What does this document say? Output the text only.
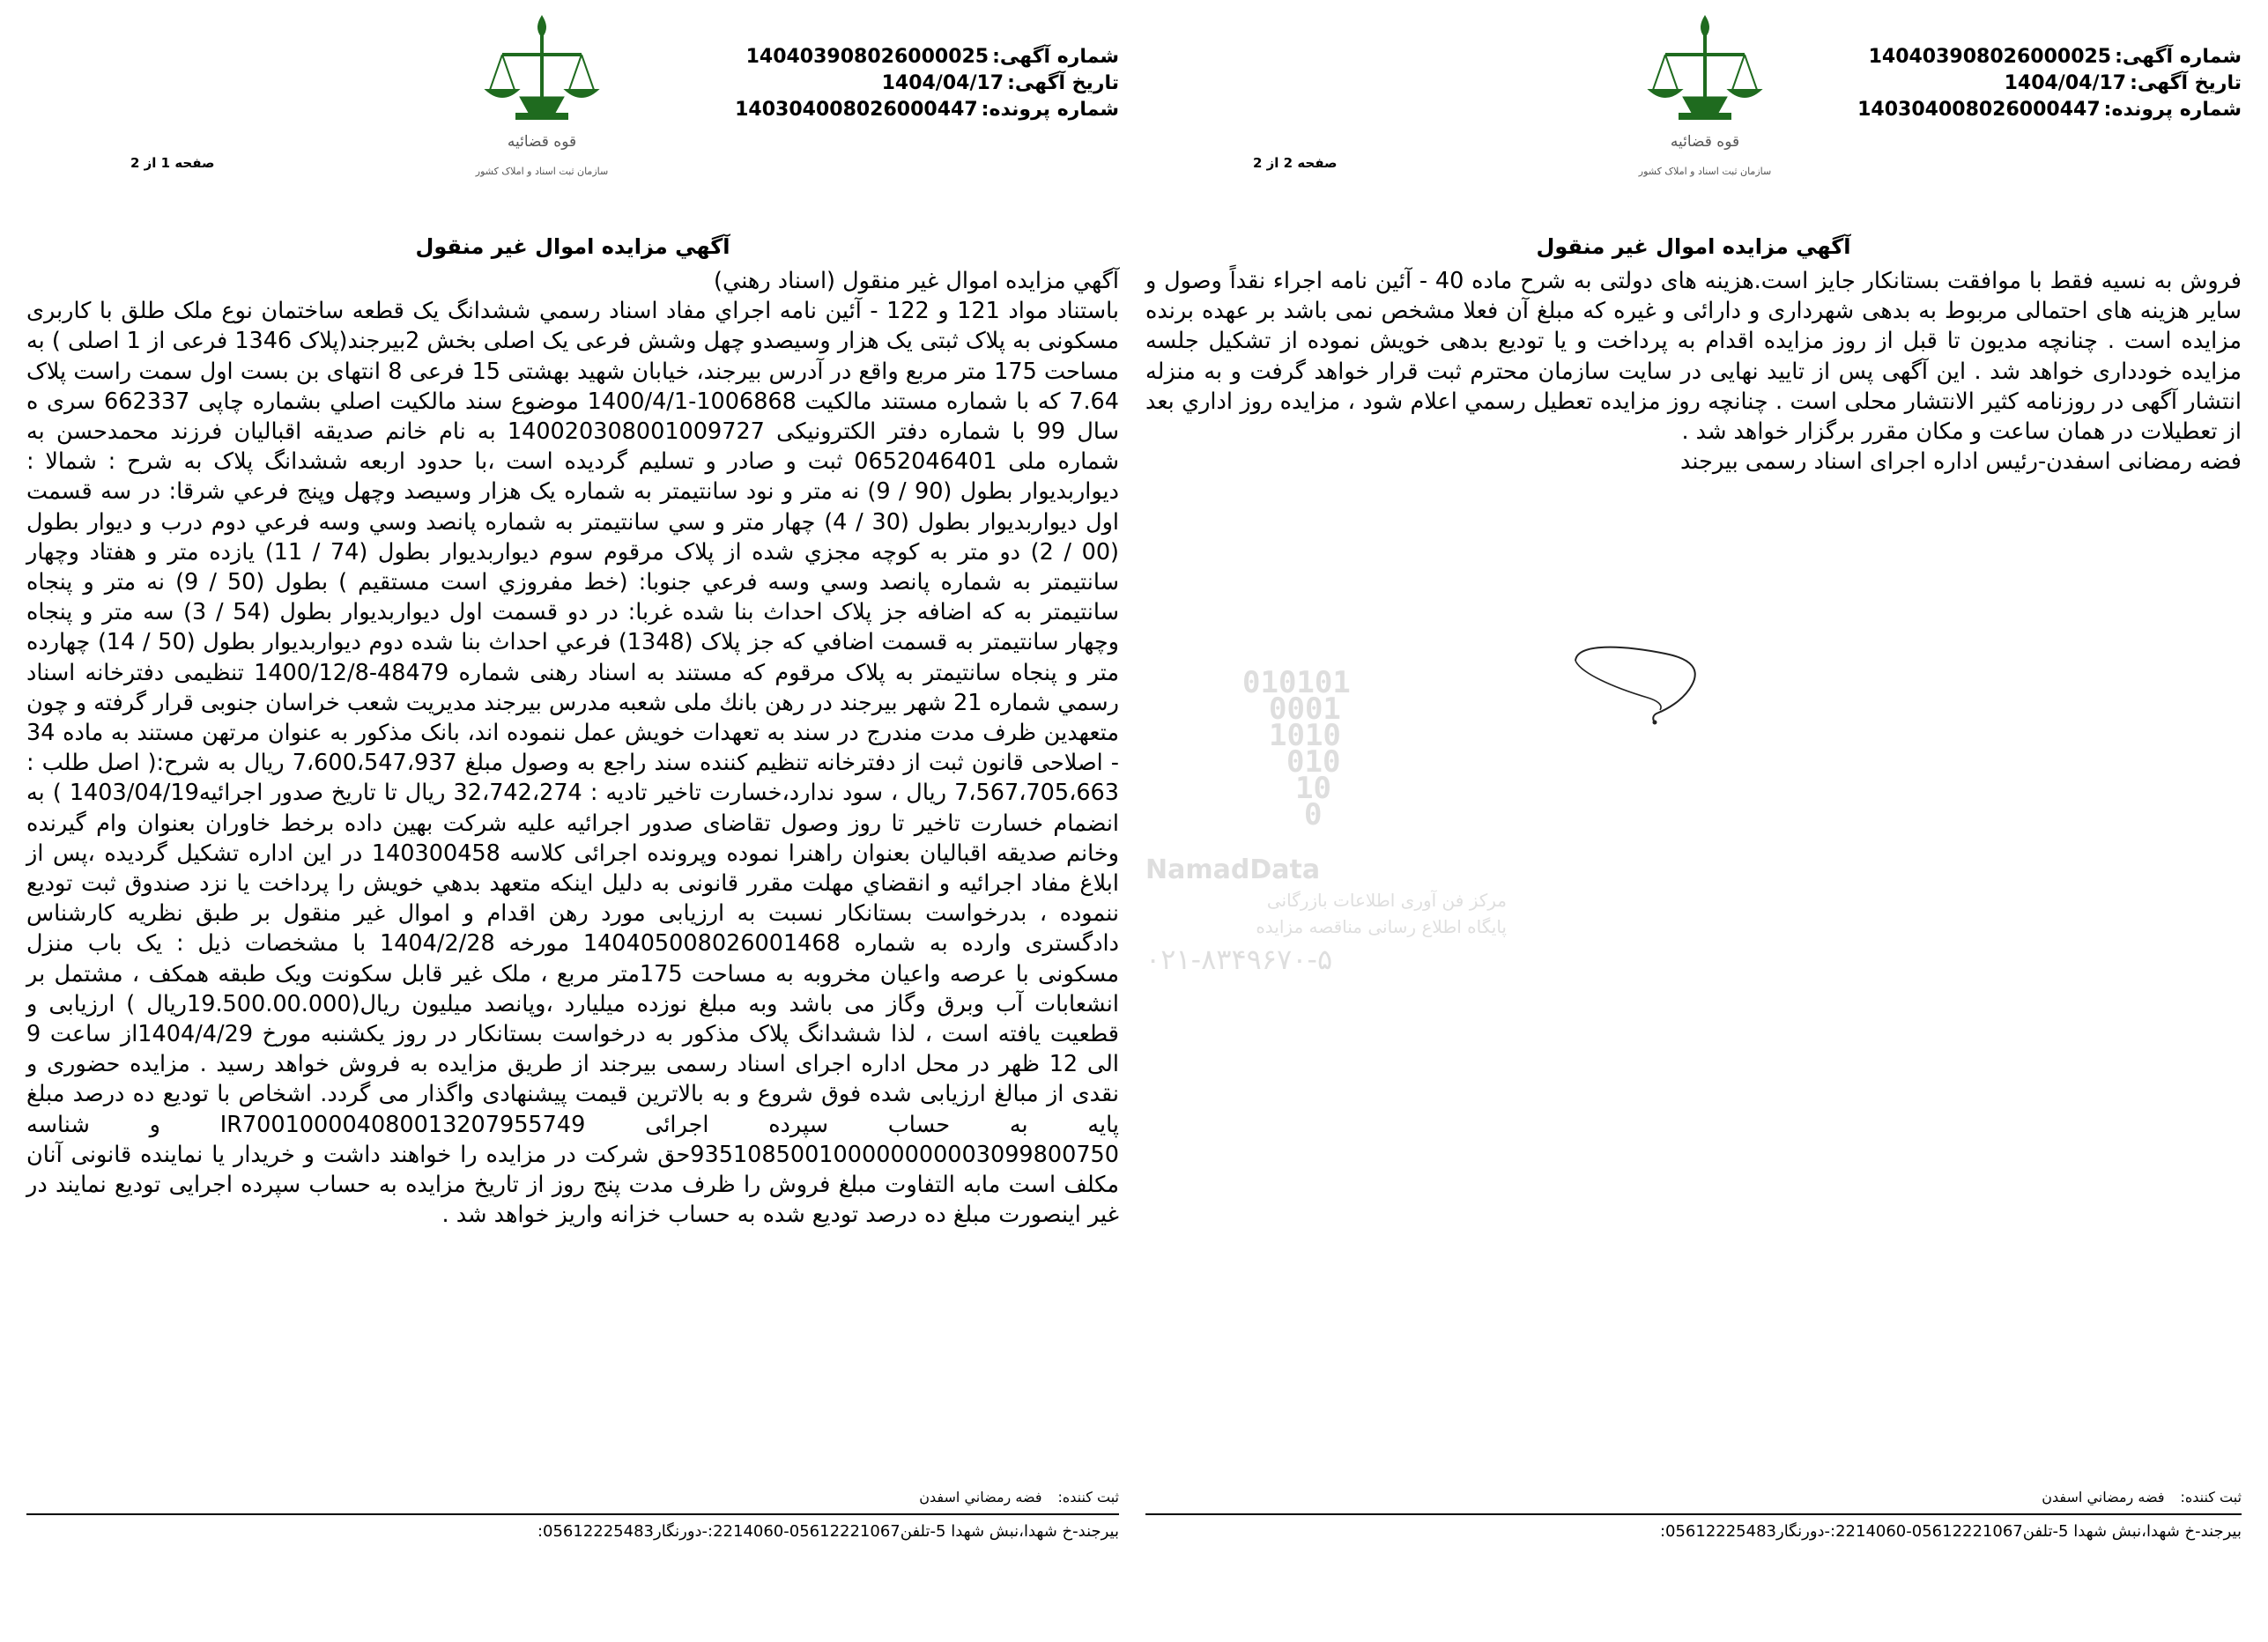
شماره آگهی:140403908026000025
تاریخ آگهی:1404/04/17
شماره پرونده:140304008026000447
قوه قضائیه
سازمان ثبت اسناد و املاک کشور
صفحه 1 از 2
آگهي مزايده اموال غير منقول

آگهي مزايده اموال غير منقول (اسناد رهني)

باستناد مواد 121 و 122 - آئين نامه اجراي مفاد اسناد رسمي ششدانگ يک قطعه ساختمان نوع ملک طلق با کاربری مسکونی به پلاک ثبتی یک هزار وسیصدو چهل وشش فرعی یک اصلی بخش 2بیرجند(پلاک 1346 فرعی از 1 اصلی ) به مساحت 175 متر مربع واقع در آدرس بیرجند، خیابان شهید بهشتی 15 فرعی 8 انتهای بن بست اول سمت راست پلاک 7.64 که با شماره مستند مالکیت 1006868-1400/4/1 موضوع سند مالکيت اصلي بشماره چاپی 662337 سری ه سال 99 با شماره دفتر الکترونيکی 140020308001009727 به نام خانم صديقه اقباليان فرزند محمدحسن به شماره ملی 0652046401 ثبت و صادر و تسليم گرديده است ،با حدود اربعه ششدانگ پلاک به شرح : شمالا : ديواربديوار بطول (90 / 9) نه متر و نود سانتيمتر به شماره يک هزار وسيصد وچهل وپنج فرعي شرقا: در سه قسمت اول ديواربديوار بطول (30 / 4) چهار متر و سي سانتيمتر به شماره پانصد وسي وسه فرعي دوم درب و ديوار بطول (00 / 2) دو متر به کوچه مجزي شده از پلاک مرقوم سوم ديواربديوار بطول (74 / 11) يازده متر و هفتاد وچهار سانتيمتر به شماره پانصد وسي وسه فرعي جنوبا: (خط مفروزي است مستقيم ) بطول (50 / 9) نه متر و پنجاه سانتيمتر به که اضافه جز پلاک احداث بنا شده غربا: در دو قسمت اول ديواربديوار بطول (54 / 3) سه متر و پنجاه وچهار سانتيمتر به قسمت اضافي که جز پلاک (1348) فرعي احداث بنا شده دوم ديواربديوار بطول (50 / 14) چهارده متر و پنجاه سانتيمتر به پلاک مرقوم که مستند به اسناد رهنی شماره 48479-1400/12/8 تنظیمی دفترخانه اسناد رسمي شماره 21 شهر بیرجند در رهن بانك ملی شعبه مدرس بیرجند مدیریت شعب خراسان جنوبی قرار گرفته و چون متعهدین ظرف مدت مندرج در سند به تعهدات خويش عمل ننموده اند، بانک مذکور به عنوان مرتهن مستند به ماده 34 - اصلاحی قانون ثبت از دفترخانه تنظيم کننده سند راجع به وصول مبلغ 7،600،547،937 ريال به شرح:( اصل طلب : 7،567،705،663 ريال ، سود ندارد،خسارت تاخير تاديه : 32،742،274 ريال تا تاريخ صدور اجرائيه1403/04/19 ) به انضمام خسارت تاخير تا روز وصول تقاضای صدور اجرائيه عليه شرکت بهين داده برخط خاوران بعنوان وام گيرنده وخانم صديقه اقباليان بعنوان راهنرا نموده وپرونده اجرائی کلاسه 140300458 در اين اداره تشکيل گرديده ،پس از ابلاغ مفاد اجرائيه و انقضاي مهلت مقرر قانونی به دليل اينکه متعهد بدهي خويش را پرداخت يا نزد صندوق ثبت توديع ننموده ، بدرخواست بستانکار نسبت به ارزيابی مورد رهن اقدام و اموال غير منقول بر طبق نظريه کارشناس دادگستری وارده به شماره 140405008026001468 مورخه 1404/2/28 با مشخصات ذيل : یک باب منزل مسکونی با عرصه واعیان مخروبه به مساحت 175متر مربع ، ملک غیر قابل سکونت ویک طبقه همکف ، مشتمل بر انشعابات آب وبرق وگاز می باشد وبه مبلغ نوزده میلیارد ،وپانصد میلیون ریال(19.500.00.000ريال ) ارزيابی و قطعيت يافته است ، لذا ششدانگ پلاک مذکور به درخواست بستانکار در روز یکشنبه مورخ 1404/4/29از ساعت 9 الی 12 ظهر در محل اداره اجرای اسناد رسمی بیرجند از طريق مزايده به فروش خواهد رسيد . مزايده حضوری و نقدی از مبالغ ارزيابی شده فوق شروع و به بالاترين قيمت پيشنهادی واگذار می گردد. اشخاص با توديع ده درصد مبلغ پايه به حساب سپرده اجرائی IR700100004080013207955749 و شناسه 935108500100000000003099800750حق شرکت در مزايده را خواهند داشت و خريدار يا نماينده قانونی آنان مکلف است مابه التفاوت مبلغ فروش را ظرف مدت پنج روز از تاريخ مزايده به حساب سپرده اجرايی توديع نمايند در غير اينصورت مبلغ ده درصد توديع شده به حساب خزانه واريز خواهد شد .

ثبت کننده:فضه رمضاني اسفدن
بیرجند-خ شهدا،نبش شهدا 5-تلفن05612221067-2214060:-دورنگار05612225483:
شماره آگهی:140403908026000025
تاریخ آگهی:1404/04/17
شماره پرونده:140304008026000447
قوه قضائیه
سازمان ثبت اسناد و املاک کشور
صفحه 2 از 2
آگهي مزايده اموال غير منقول

فروش به نسيه فقط با موافقت بستانکار جايز است.هزينه های دولتی به شرح ماده 40 - آئين نامه اجراء نقداً وصول و ساير هزينه های احتمالی مربوط به بدهی شهرداری و دارائی و غيره که مبلغ آن فعلا مشخص نمی باشد بر عهده برنده مزايده است . چنانچه مديون تا قبل از روز مزايده اقدام به پرداخت و يا توديع بدهی خويش نموده از تشکيل جلسه مزايده خودداری خواهد شد . اين آگهی پس از تاييد نهايی در سايت سازمان محترم ثبت قرار خواهد گرفت و به منزله انتشار آگهی در روزنامه کثير الانتشار محلی است . چنانچه روز مزايده تعطيل رسمي اعلام شود ، مزايده روز اداري بعد از تعطيلات در همان ساعت و مکان مقرر برگزار خواهد شد .

فضه رمضانی اسفدن-رئیس اداره اجرای اسناد رسمی بیرجند

ثبت کننده:فضه رمضاني اسفدن
بیرجند-خ شهدا،نبش شهدا 5-تلفن05612221067-2214060:-دورنگار05612225483:
010101
0001
1010
010
10
0
NamadData
مرکز فن آوری اطلاعات بازرگانی
پایگاه اطلاع رسانی مناقصه مزایده
۰۲۱-۸۳۴۹۶۷۰-۵
